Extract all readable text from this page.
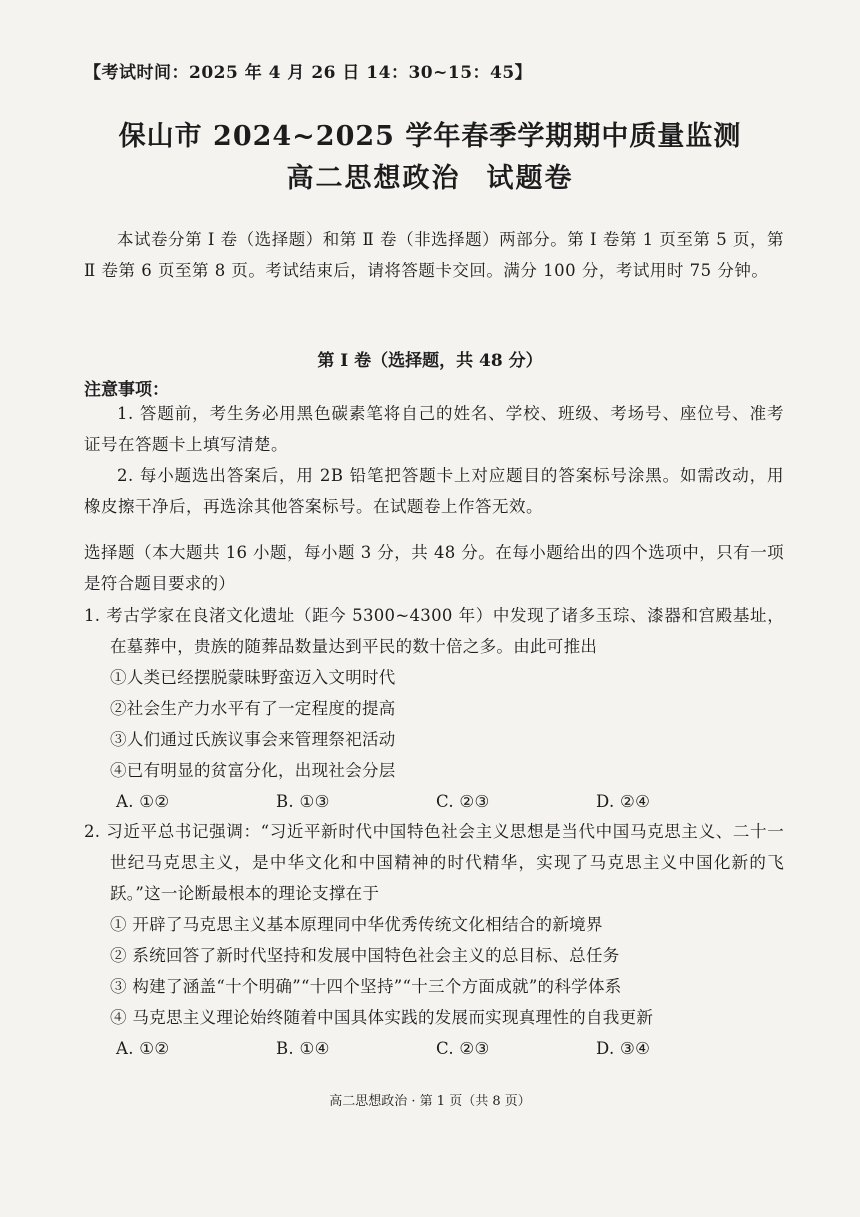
【考试时间：2025 年 4 月 26 日 14：30~15：45】
保山市 2024~2025 学年春季学期期中质量监测
高二思想政治 试题卷
本试卷分第 Ⅰ 卷（选择题）和第 Ⅱ 卷（非选择题）两部分。第 Ⅰ 卷第 1 页至第 5 页，第 Ⅱ 卷第 6 页至第 8 页。考试结束后，请将答题卡交回。满分 100 分，考试用时 75 分钟。
第 Ⅰ 卷（选择题，共 48 分）
注意事项：
1. 答题前，考生务必用黑色碳素笔将自己的姓名、学校、班级、考场号、座位号、准考证号在答题卡上填写清楚。
2. 每小题选出答案后，用 2B 铅笔把答题卡上对应题目的答案标号涂黑。如需改动，用橡皮擦干净后，再选涂其他答案标号。在试题卷上作答无效。
选择题（本大题共 16 小题，每小题 3 分，共 48 分。在每小题给出的四个选项中，只有一项是符合题目要求的）
1. 考古学家在良渚文化遗址（距今 5300~4300 年）中发现了诸多玉琮、漆器和宫殿基址，在墓葬中，贵族的随葬品数量达到平民的数十倍之多。由此可推出
①人类已经摆脱蒙昧野蛮迈入文明时代
②社会生产力水平有了一定程度的提高
③人们通过氏族议事会来管理祭祀活动
④已有明显的贫富分化，出现社会分层
A. ①②	B. ①③	C. ②③	D. ②④
2. 习近平总书记强调：“习近平新时代中国特色社会主义思想是当代中国马克思主义、二十一世纪马克思主义，是中华文化和中国精神的时代精华，实现了马克思主义中国化新的飞跃。”这一论断最根本的理论支撑在于
① 开辟了马克思主义基本原理同中华优秀传统文化相结合的新境界
② 系统回答了新时代坚持和发展中国特色社会主义的总目标、总任务
③ 构建了涵盖“十个明确”“十四个坚持”“十三个方面成就”的科学体系
④ 马克思主义理论始终随着中国具体实践的发展而实现真理性的自我更新
A. ①②	B. ①④	C. ②③	D. ③④
高二思想政治 · 第 1 页（共 8 页）
